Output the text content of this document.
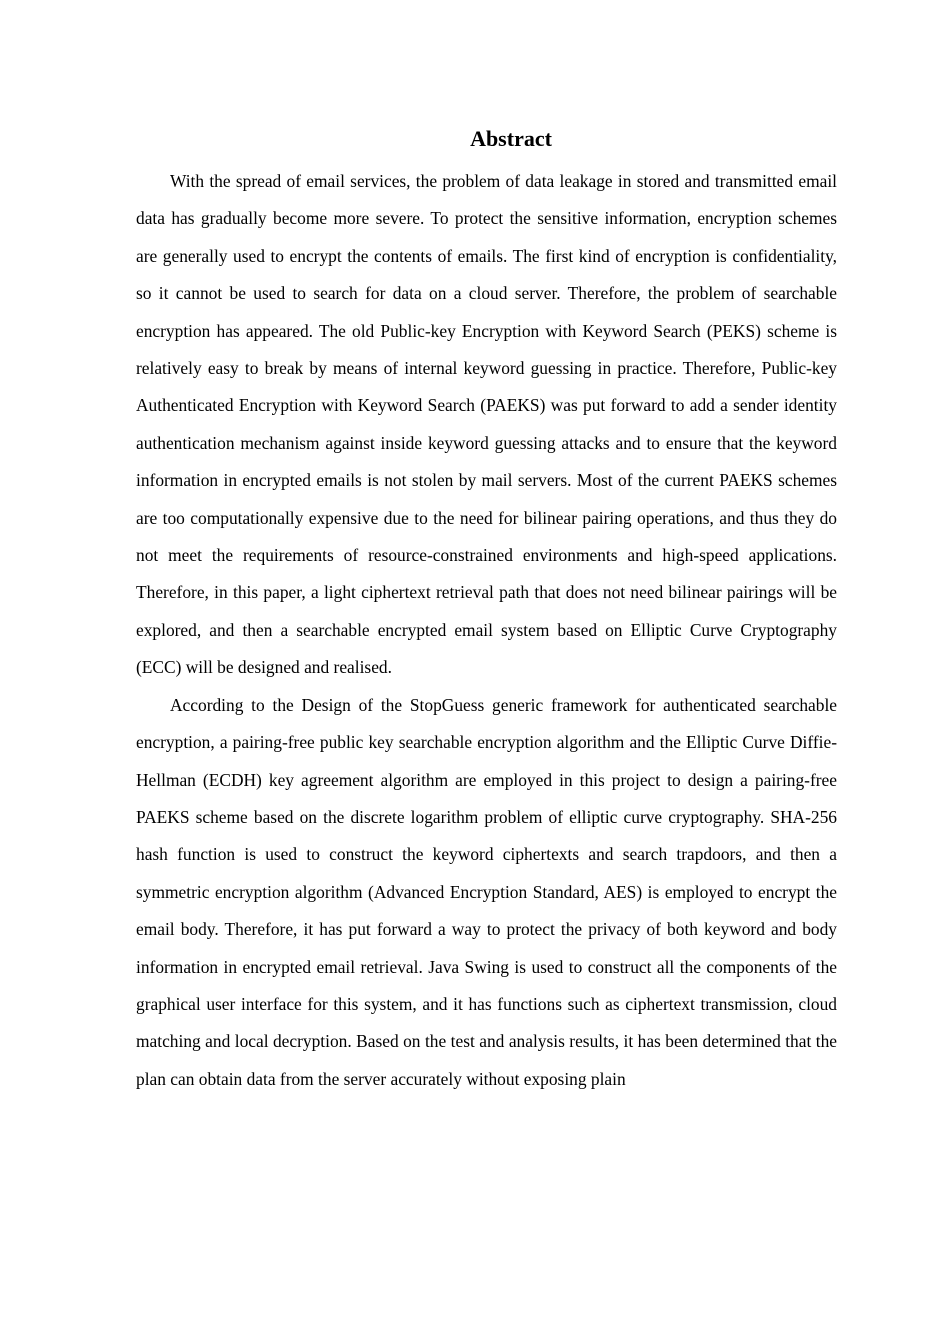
Abstract

With the spread of email services, the problem of data leakage in stored and transmitted email data has gradually become more severe. To protect the sensitive information, encryption schemes are generally used to encrypt the contents of emails. The first kind of encryption is confidentiality, so it cannot be used to search for data on a cloud server. Therefore, the problem of searchable encryption has appeared. The old Public-key Encryption with Keyword Search (PEKS) scheme is relatively easy to break by means of internal keyword guessing in practice. Therefore, Public-key Authenticated Encryption with Keyword Search (PAEKS) was put forward to add a sender identity authentication mechanism against inside keyword guessing attacks and to ensure that the keyword information in encrypted emails is not stolen by mail servers. Most of the current PAEKS schemes are too computationally expensive due to the need for bilinear pairing operations, and thus they do not meet the requirements of resource-constrained environments and high-speed applications. Therefore, in this paper, a light ciphertext retrieval path that does not need bilinear pairings will be explored, and then a searchable encrypted email system based on Elliptic Curve Cryptography (ECC) will be designed and realised.

According to the Design of the StopGuess generic framework for authenticated searchable encryption, a pairing-free public key searchable encryption algorithm and the Elliptic Curve Diffie-Hellman (ECDH) key agreement algorithm are employed in this project to design a pairing-free PAEKS scheme based on the discrete logarithm problem of elliptic curve cryptography. SHA-256 hash function is used to construct the keyword ciphertexts and search trapdoors, and then a symmetric encryption algorithm (Advanced Encryption Standard, AES) is employed to encrypt the email body. Therefore, it has put forward a way to protect the privacy of both keyword and body information in encrypted email retrieval. Java Swing is used to construct all the components of the graphical user interface for this system, and it has functions such as ciphertext transmission, cloud matching and local decryption. Based on the test and analysis results, it has been determined that the plan can obtain data from the server accurately without exposing plain
